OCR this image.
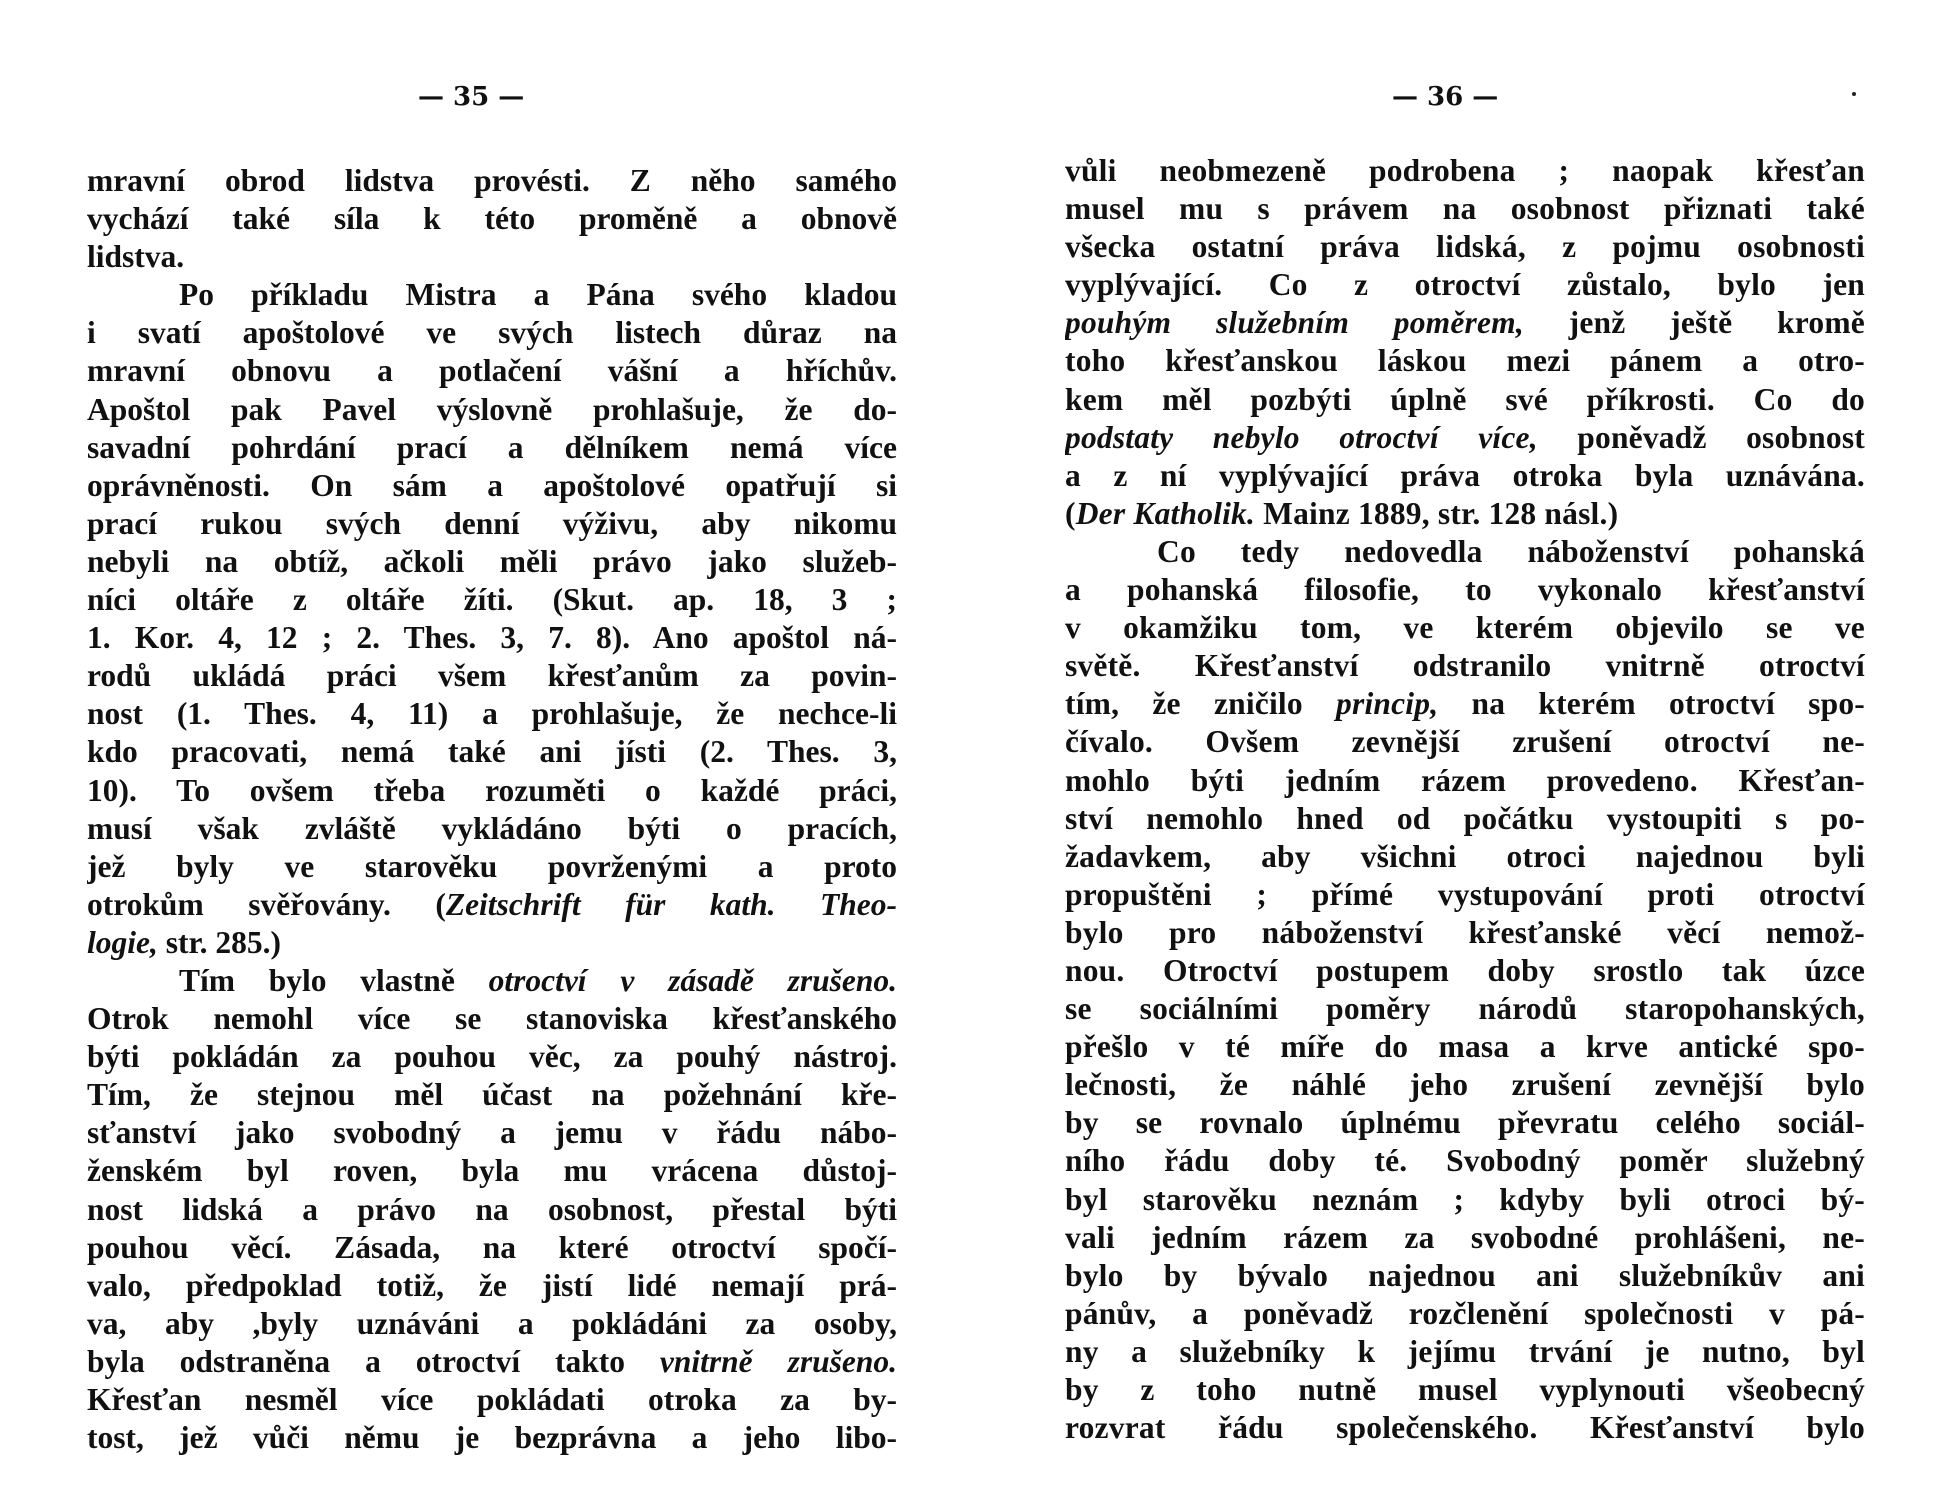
— 35 —
mravní obrod lidstva provésti. Z něho samého
vychází také síla k této proměně a obnově
lidstva.
Po příkladu Mistra a Pána svého kladou
i svatí apoštolové ve svých listech důraz na
mravní obnovu a potlačení vášní a hříchův.
Apoštol pak Pavel výslovně prohlašuje, že do-
savadní pohrdání prací a dělníkem nemá více
oprávněnosti. On sám a apoštolové opatřují si
prací rukou svých denní výživu, aby nikomu
nebyli na obtíž, ačkoli měli právo jako služeb-
níci oltáře z oltáře žíti. (Skut. ap. 18, 3 ;
1. Kor. 4, 12 ; 2. Thes. 3, 7. 8). Ano apoštol ná-
rodů ukládá práci všem křesťanům za povin-
nost (1. Thes. 4, 11) a prohlašuje, že nechce-li
kdo pracovati, nemá také ani jísti (2. Thes. 3,
10). To ovšem třeba rozuměti o každé práci,
musí však zvláště vykládáno býti o pracích,
jež byly ve starověku povrženými a proto
otrokům svěřovány. (Zeitschrift für kath. Theo-
logie, str. 285.)
Tím bylo vlastně otroctví v zásadě zrušeno.
Otrok nemohl více se stanoviska křesťanského
býti pokládán za pouhou věc, za pouhý nástroj.
Tím, že stejnou měl účast na požehnání kře-
sťanství jako svobodný a jemu v řádu nábo-
ženském byl roven, byla mu vrácena důstoj-
nost lidská a právo na osobnost, přestal býti
pouhou věcí. Zásada, na které otroctví spočí-
valo, předpoklad totiž, že jistí lidé nemají prá-
va, aby ,byly uznáváni a pokládáni za osoby,
byla odstraněna a otroctví takto vnitrně zrušeno.
Křesťan nesměl více pokládati otroka za by-
tost, jež vůči němu je bezprávna a jeho libo-
— 36 —
vůli neobmezeně podrobena ; naopak křesťan
musel mu s právem na osobnost přiznati také
všecka ostatní práva lidská, z pojmu osobnosti
vyplývající. Co z otroctví zůstalo, bylo jen
pouhým služebním poměrem, jenž ještě kromě
toho křesťanskou láskou mezi pánem a otro-
kem měl pozbýti úplně své příkrosti. Co do
podstaty nebylo otroctví více, poněvadž osobnost
a z ní vyplývající práva otroka byla uznávána.
(Der Katholik. Mainz 1889, str. 128 násl.)
Co tedy nedovedla náboženství pohanská
a pohanská filosofie, to vykonalo křesťanství
v okamžiku tom, ve kterém objevilo se ve
světě. Křesťanství odstranilo vnitrně otroctví
tím, že zničilo princip, na kterém otroctví spo-
čívalo. Ovšem zevnější zrušení otroctví ne-
mohlo býti jedním rázem provedeno. Křesťan-
ství nemohlo hned od počátku vystoupiti s po-
žadavkem, aby všichni otroci najednou byli
propuštěni ; přímé vystupování proti otroctví
bylo pro náboženství křesťanské věcí nemož-
nou. Otroctví postupem doby srostlo tak úzce
se sociálními poměry národů staropohanských,
přešlo v té míře do masa a krve antické spo-
lečnosti, že náhlé jeho zrušení zevnější bylo
by se rovnalo úplnému převratu celého sociál-
ního řádu doby té. Svobodný poměr služebný
byl starověku neznám ; kdyby byli otroci bý-
vali jedním rázem za svobodné prohlášeni, ne-
bylo by bývalo najednou ani služebníkův ani
pánův, a poněvadž rozčlenění společnosti v pá-
ny a služebníky k jejímu trvání je nutno, byl
by z toho nutně musel vyplynouti všeobecný
rozvrat řádu společenského. Křesťanství bylo
